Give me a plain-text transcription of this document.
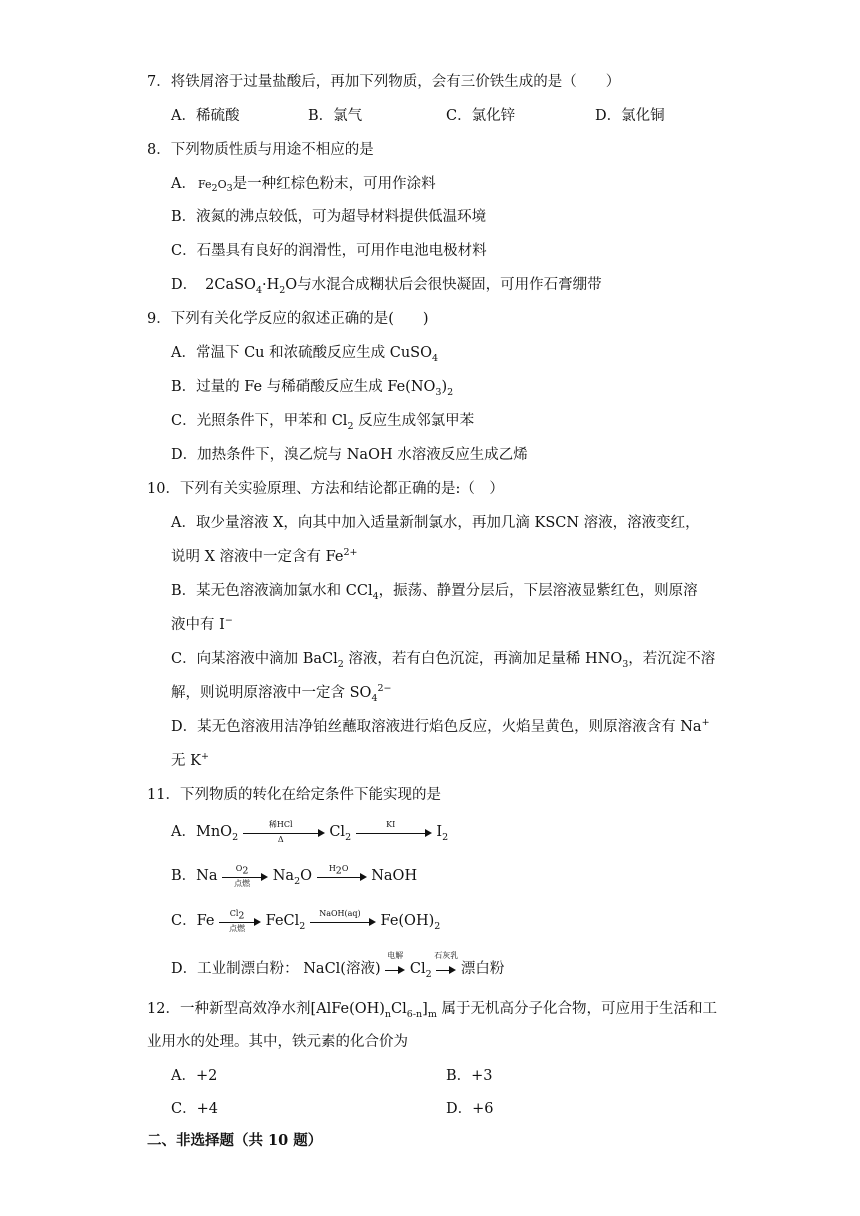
7．将铁屑溶于过量盐酸后，再加下列物质，会有三价铁生成的是（　　）
A．稀硫酸	B．氯气	C．氯化锌	D．氯化铜
8．下列物质性质与用途不相应的是
A． $Fe_2O_3$是一种红棕色粉末，可用作涂料
B．液氮的沸点较低，可为超导材料提供低温环境
C．石墨具有良好的润滑性，可用作电池电极材料
D． $2CaSO_4\cdot H_2O$与水混合成糊状后会很快凝固，可用作石膏绷带
9．下列有关化学反应的叙述正确的是(　　)
A．常温下 Cu 和浓硫酸反应生成 CuSO$_4$
B．过量的 Fe 与稀硝酸反应生成 $Fe(NO_3)_2$
C．光照条件下，甲苯和 $Cl_2$ 反应生成邻氯甲苯
D．加热条件下，溴乙烷与 NaOH 水溶液反应生成乙烯
10．下列有关实验原理、方法和结论都正确的是:（　）
A．取少量溶液 X，向其中加入适量新制氯水，再加几滴 KSCN 溶液，溶液变红，
说明 X 溶液中一定含有 $Fe^{2+}$
B．某无色溶液滴加氯水和 CCl$_4$，振荡、静置分层后，下层溶液显紫红色，则原溶
液中有 I−
C．向某溶液中滴加 BaCl$_2$ 溶液，若有白色沉淀，再滴加足量稀 $HNO_3$，若沉淀不溶
解，则说明原溶液中一定含 $SO_4^{2-}$
D．某无色溶液用洁净铂丝蘸取溶液进行焰色反应，火焰呈黄色，则原溶液含有 Na+
无 K+
11．下列物质的转化在给定条件下能实现的是
A．MnO$_2$
稀HCl
Δ	$Cl_2$
KI	$I_2$
B．Na	$O_2$
点燃	$Na_2O$	$H_2O$	NaOH
C．Fe	$Cl_2$
点燃	FeCl$_2$
NaOH(aq)	$Fe(OH)_2$
D．工业制漂白粉： NaCl(溶液)
电解
$Cl_2$
石灰乳
漂白粉
12．一种新型高效净水剂$[AlFe(OH)_nCl_{6-n}]_m$ 属于无机高分子化合物，可应用于生活和工
业用水的处理。其中，铁元素的化合价为
A．+2	B．+3
C．+4	D．+6
二、非选择题（共 10 题）
